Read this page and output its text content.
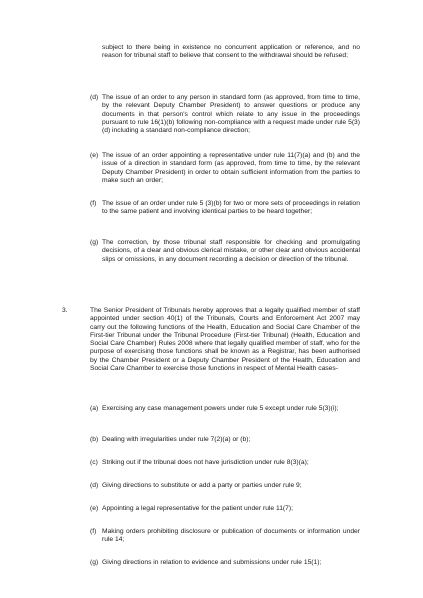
subject to there being in existence no concurrent application or reference, and no reason for tribunal staff to believe that consent to the withdrawal should be refused;
(d) The issue of an order to any person in standard form (as approved, from time to time, by the relevant Deputy Chamber President) to answer questions or produce any documents in that person's control which relate to any issue in the proceedings pursuant to rule 16(1)(b) following non-compliance with a request made under rule 5(3)(d) including a standard non-compliance direction;
(e) The issue of an order appointing a representative under rule 11(7)(a) and (b) and the issue of a direction in standard form (as approved, from time to time, by the relevant Deputy Chamber President) in order to obtain sufficient information from the parties to make such an order;
(f) The issue of an order under rule 5 (3)(b) for two or more sets of proceedings in relation to the same patient and involving identical parties to be heard together;
(g) The correction, by those tribunal staff responsible for checking and promulgating decisions, of a clear and obvious clerical mistake, or other clear and obvious accidental slips or omissions, in any document recording a decision or direction of the tribunal.
3.	The Senior President of Tribunals hereby approves that a legally qualified member of staff appointed under section 40(1) of the Tribunals, Courts and Enforcement Act 2007 may carry out the following functions of the Health, Education and Social Care Chamber of the First-tier Tribunal under the Tribunal Procedure (First-tier Tribunal) (Health, Education and Social Care Chamber) Rules 2008 where that legally qualified member of staff, who for the purpose of exercising those functions shall be known as a Registrar, has been authorised by the Chamber President or a Deputy Chamber President of the Health, Education and Social Care Chamber to exercise those functions in respect of Mental Health cases-
(a) Exercising any case management powers under rule 5 except under rule 5(3)(i);
(b) Dealing with irregularities under rule 7(2)(a) or (b);
(c) Striking out if the tribunal does not have jurisdiction under rule 8(3)(a);
(d) Giving directions to substitute or add a party or parties under rule 9;
(e) Appointing a legal representative for the patient under rule 11(7);
(f) Making orders prohibiting disclosure or publication of documents or information under rule 14;
(g) Giving directions in relation to evidence and submissions under rule 15(1);
